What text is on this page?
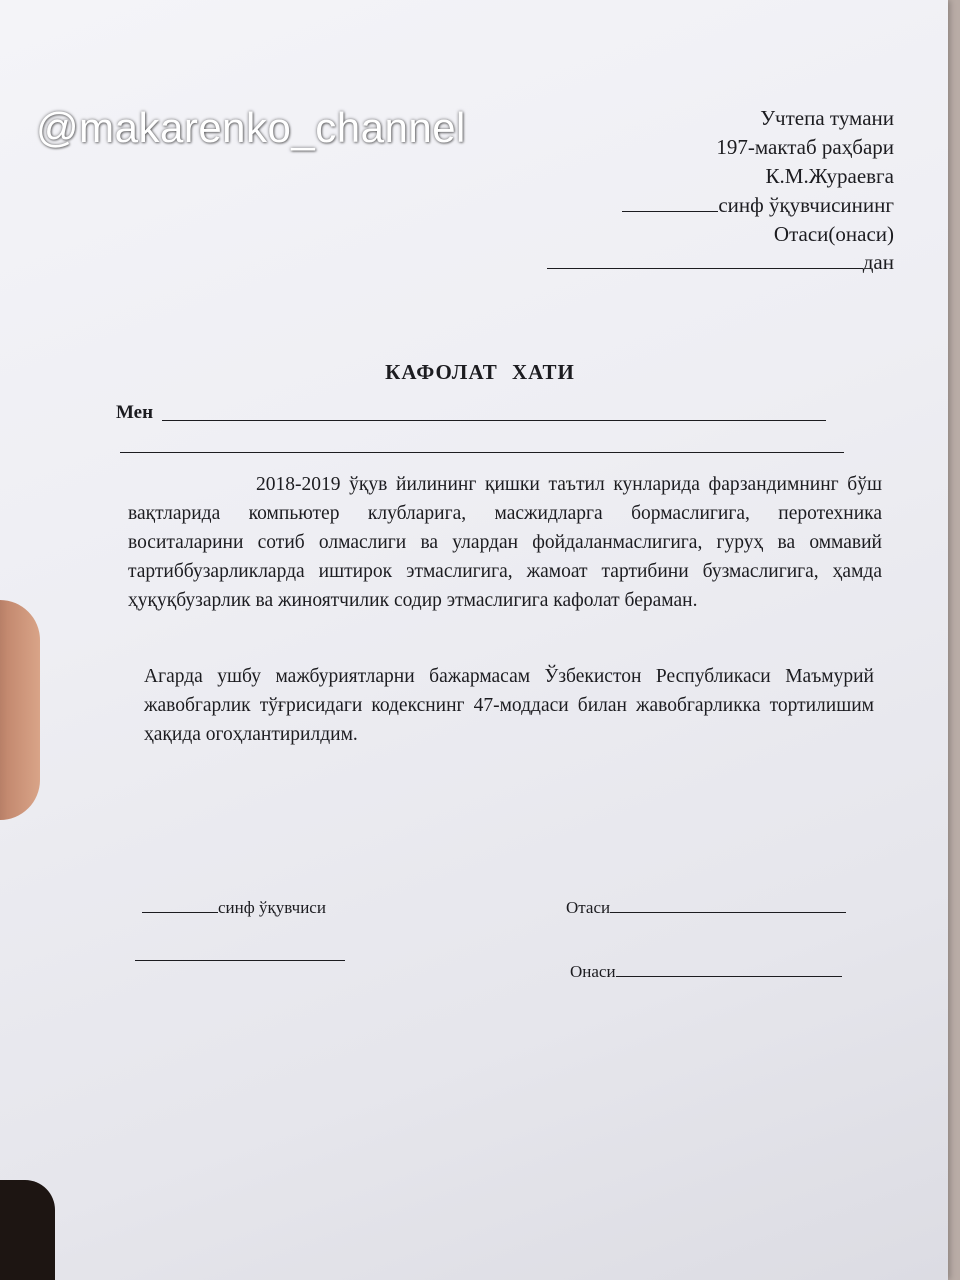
@makarenko_channel	Учтепа тумани
197-мактаб раҳбари
К.М.Жураевга
синф ўқувчисининг
Отаси(онаси)
дан
КАФОЛАТ ХАТИ
Мен
2018-2019 ўқув йилининг қишки таътил кунларида фарзандимнинг бўш вақтларида компьютер клубларига, масжидларга бормаслигига, перотехника воситаларини сотиб олмаслиги ва улардан фойдаланмаслигига, гуруҳ ва оммавий тартиббузарликларда иштирок этмаслигига, жамоат тартибини бузмаслигига, ҳамда ҳуқуқбузарлик ва жиноятчилик содир этмаслигига кафолат бераман.
Агарда ушбу мажбуриятларни бажармасам Ўзбекистон Республикаси Маъмурий жавобгарлик тўғрисидаги кодекснинг 47-моддаси билан жавобгарликка тортилишим ҳақида огоҳлантирилдим.
синф ўқувчиси	Отаси
Онаси
